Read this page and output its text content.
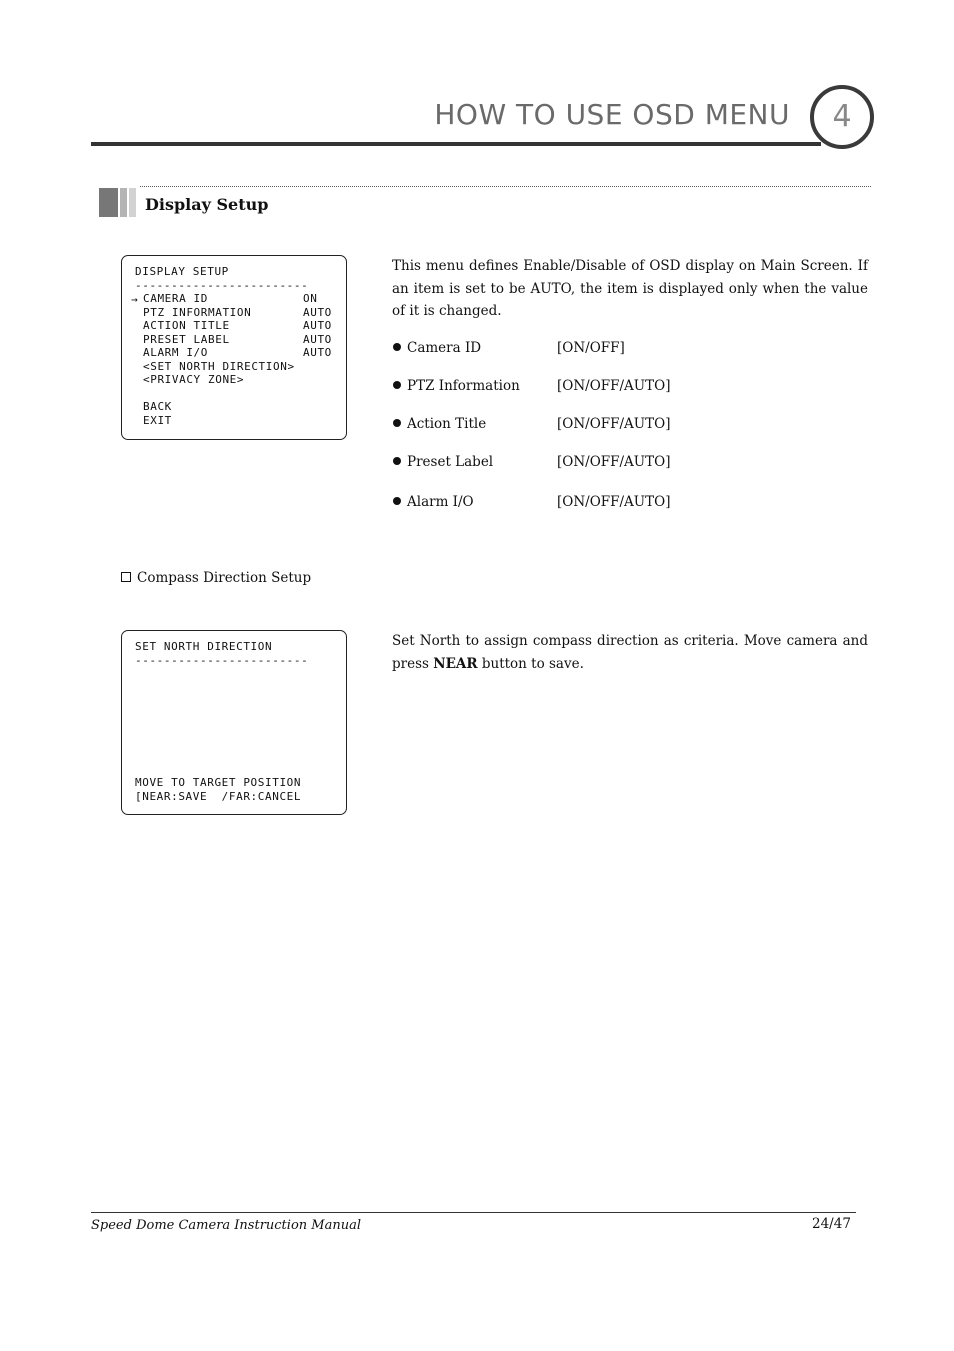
HOW TO USE OSD MENU	4
Display Setup
DISPLAY SETUP
------------------------
→ CAMERA ID	ON
PTZ INFORMATION	AUTO
ACTION TITLE	AUTO
PRESET LABEL	AUTO
ALARM I/O	AUTO
<SET NORTH DIRECTION>
<PRIVACY ZONE>
BACK
EXIT
This menu defines Enable/Disable of OSD display on Main Screen. If an item is set to be AUTO, the item is displayed only when the value of it is changed.
Camera ID	[ON/OFF]
PTZ Information	[ON/OFF/AUTO]
Action Title	[ON/OFF/AUTO]
Preset Label	[ON/OFF/AUTO]
Alarm I/O	[ON/OFF/AUTO]
Compass Direction Setup
SET NORTH DIRECTION
------------------------
MOVE TO TARGET POSITION
[NEAR:SAVE  /FAR:CANCEL
Set North to assign compass direction as criteria. Move camera and press NEAR button to save.
Speed Dome Camera Instruction Manual	24/47
